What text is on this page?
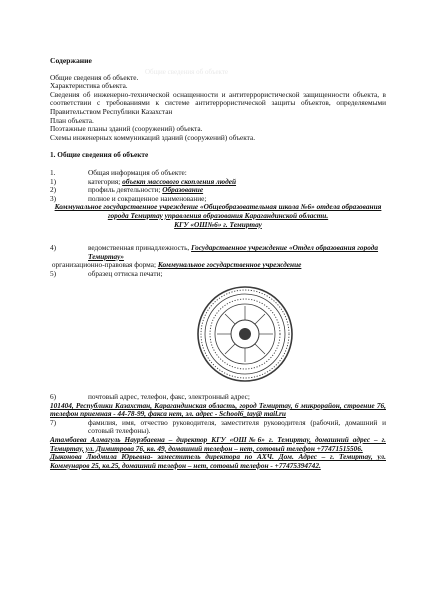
Общие сведения об объекте
Содержание

Общие сведения об объекте.

Характеристика объекта.

Сведения об инженерно-технической оснащенности и антитеррористической защищенности объекта, в соответствии с требованиями к системе антитеррористической защиты объектов, определяемыми Правительством Республики Казахстан

План объекта.

Поэтажные планы зданий (сооружений) объекта.

Схемы инженерных коммуникаций зданий (сооружений) объекта.

1. Общие сведения об объекте
1.	Общая информация об объекте:
1)	категория; объект массового скопления людей
2)	профиль деятельности; Образование
3)	полное и сокращенное наименование;
Коммунальное государственное учреждение «Общеобразовательная школа №6» отдела образования города Темиртау управления образования Карагандинской области.
КГУ «ОШ№6» г. Темиртау
4)	ведомственная принадлежность, Государственное учреждение «Отдел образования города Темиртау»
организационно-правовая форма; Коммунальное государственное учреждение
5)	образец оттиска печати;
6)	почтовый адрес, телефон, факс, электронный адрес;
101404, Республики Казахстан, Карагандинская область, город Темиртау, 6 микрорайон, строение 76, телефон приемная - 44-78-99, факса нет, эл. адрес - School6_tay@ mail.ru
7)	фамилия, имя, отчество руководителя, заместителя руководителя (рабочий, домашний и сотовый телефоны).
Атамбаева Алмагуль Наурзбаевна – директор КГУ «ОШ№6» г. Темиртау, домашний адрес – г. Темиртау, ул. Димитрова 76, кв. 49, домашний телефон – нет, сотовый телефон +77471515506.
Дыконова Людмила Юрьевна- заместитель директора по АХЧ. Дом. Адрес – г. Темиртау, ул. Коммунаров 25, кв.25, домашний телефон – нет, сотовый телефон - +77475394742.
